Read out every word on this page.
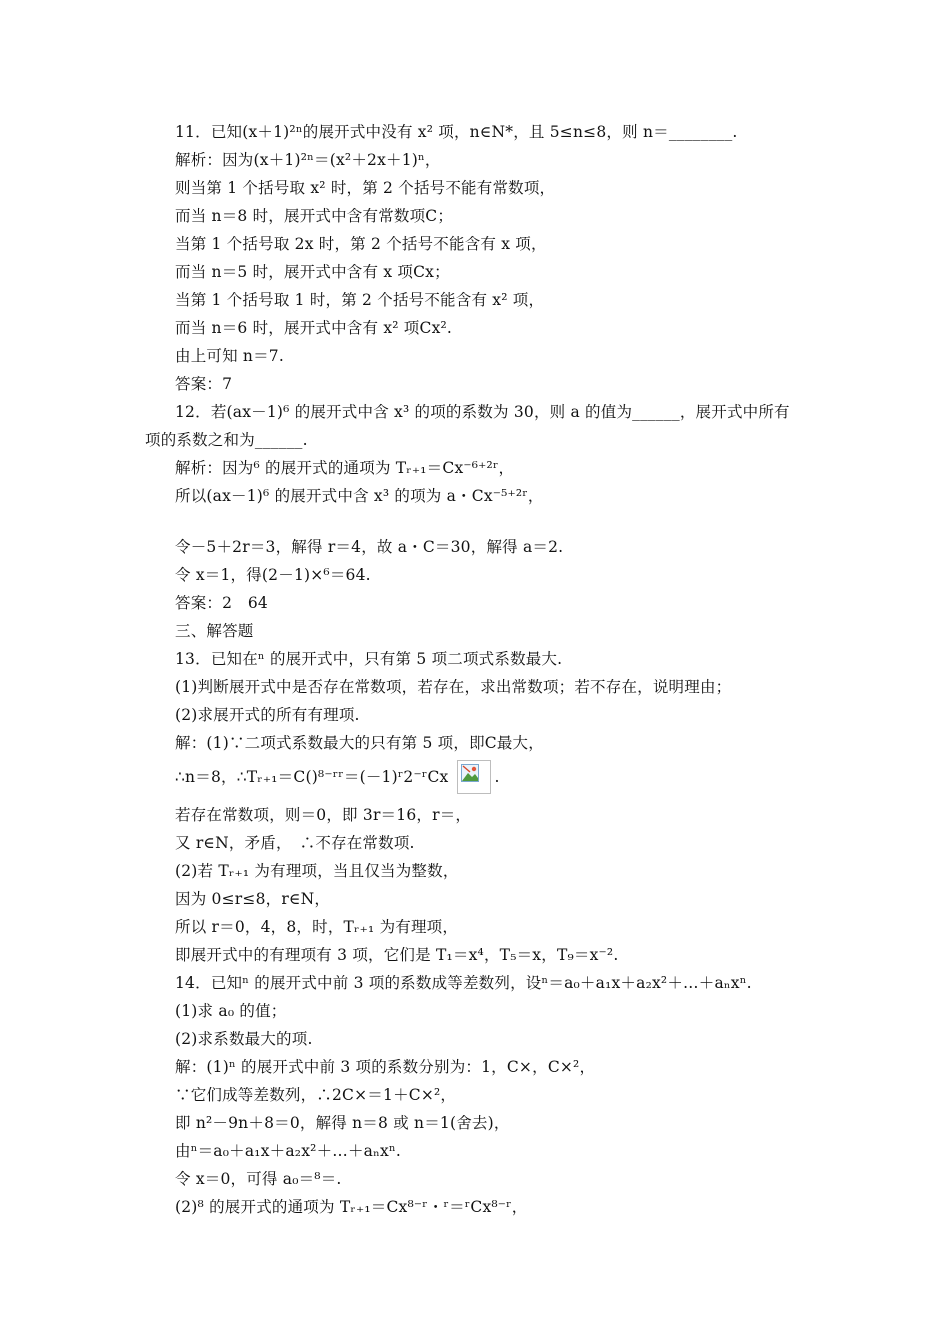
11．已知(x＋1)²ⁿ的展开式中没有 x² 项，n∈N*，且 5≤n≤8，则 n＝________.
解析：因为(x＋1)²ⁿ＝(x²＋2x＋1)ⁿ，
则当第 1 个括号取 x² 时，第 2 个括号不能有常数项，
而当 n＝8 时，展开式中含有常数项C；
当第 1 个括号取 2x 时，第 2 个括号不能含有 x 项，
而当 n＝5 时，展开式中含有 x 项Cx；
当第 1 个括号取 1 时，第 2 个括号不能含有 x² 项，
而当 n＝6 时，展开式中含有 x² 项Cx².
由上可知 n＝7.
答案：7
12．若(ax－1)⁶ 的展开式中含 x³ 的项的系数为 30，则 a 的值为______，展开式中所有
项的系数之和为______.
解析：因为⁶ 的展开式的通项为 Tᵣ₊₁＝Cx⁻⁶⁺²ʳ，
所以(ax－1)⁶ 的展开式中含 x³ 的项为 a・Cx⁻⁵⁺²ʳ，
令－5＋2r＝3，解得 r＝4，故 a・C＝30，解得 a＝2.
令 x＝1，得(2－1)×⁶＝64.
答案：2　64
三、解答题
13．已知在ⁿ 的展开式中，只有第 5 项二项式系数最大.
(1)判断展开式中是否存在常数项，若存在，求出常数项；若不存在，说明理由；
(2)求展开式的所有有理项.
解：(1)∵二项式系数最大的只有第 5 项，即C最大，
∴n＝8，∴Tᵣ₊₁＝C()⁸⁻ʳʳ＝(－1)ʳ2⁻ʳCx	.
若存在常数项，则＝0，即 3r＝16，r＝，
又 r∈N，矛盾，　∴不存在常数项.
(2)若 Tᵣ₊₁ 为有理项，当且仅当为整数，
因为 0≤r≤8，r∈N，
所以 r＝0，4，8，时，Tᵣ₊₁ 为有理项，
即展开式中的有理项有 3 项，它们是 T₁＝x⁴，T₅＝x，T₉＝x⁻².
14．已知ⁿ 的展开式中前 3 项的系数成等差数列，设ⁿ＝a₀＋a₁x＋a₂x²＋…＋aₙxⁿ.
(1)求 a₀ 的值；
(2)求系数最大的项.
解：(1)ⁿ 的展开式中前 3 项的系数分别为：1，C×，C×²，
∵它们成等差数列，∴2C×＝1＋C×²，
即 n²－9n＋8＝0，解得 n＝8 或 n＝1(舍去)，
由ⁿ＝a₀＋a₁x＋a₂x²＋…＋aₙxⁿ.
令 x＝0，可得 a₀＝⁸＝.
(2)⁸ 的展开式的通项为 Tᵣ₊₁＝Cx⁸⁻ʳ・ʳ＝ʳCx⁸⁻ʳ，
